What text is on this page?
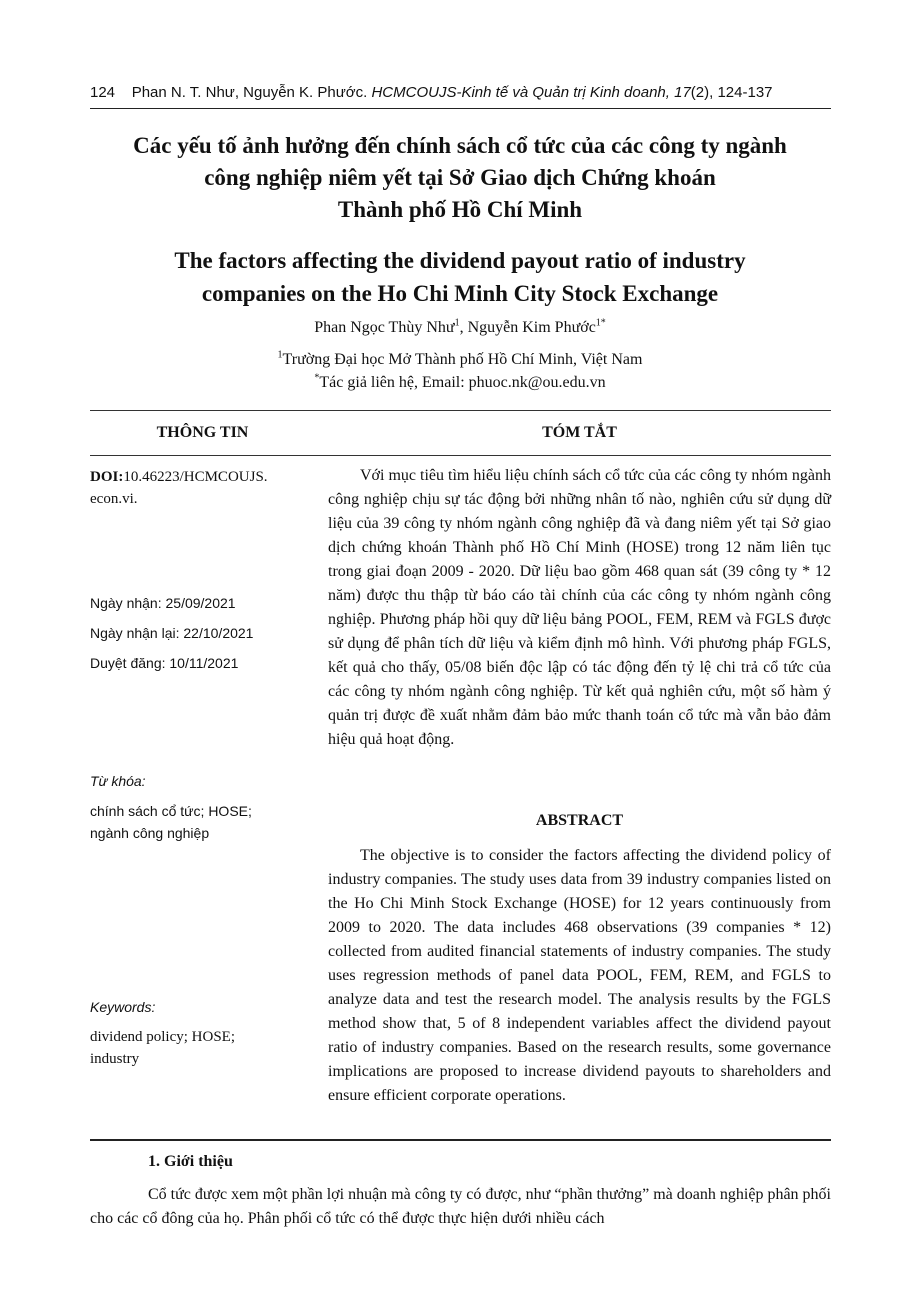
124 Phan N. T. Như, Nguyễn K. Phước. HCMCOUJS-Kinh tế và Quản trị Kinh doanh, 17(2), 124-137
Các yếu tố ảnh hưởng đến chính sách cổ tức của các công ty ngành
công nghiệp niêm yết tại Sở Giao dịch Chứng khoán
Thành phố Hồ Chí Minh
The factors affecting the dividend payout ratio of industry
companies on the Ho Chi Minh City Stock Exchange
Phan Ngọc Thùy Như$^1$, Nguyễn Kim Phước$^{1*}$
$^1$Trường Đại học Mở Thành phố Hồ Chí Minh, Việt Nam
*Tác giả liên hệ, Email: phuoc.nk@ou.edu.vn
THÔNG TIN	TÓM TẮT
DOI:10.46223/HCMCOUJS.
econ.vi.
Ngày nhận: 25/09/2021
Ngày nhận lại: 22/10/2021
Duyệt đăng: 10/11/2021
Từ khóa:
chính sách cổ tức; HOSE;
ngành công nghiệp
Keywords:
dividend policy; HOSE;
industry

Với mục tiêu tìm hiểu liệu chính sách cổ tức của các công ty nhóm ngành công nghiệp chịu sự tác động bởi những nhân tố nào, nghiên cứu sử dụng dữ liệu của 39 công ty nhóm ngành công nghiệp đã và đang niêm yết tại Sở giao dịch chứng khoán Thành phố Hồ Chí Minh (HOSE) trong 12 năm liên tục trong giai đoạn 2009 - 2020. Dữ liệu bao gồm 468 quan sát (39 công ty * 12 năm) được thu thập từ báo cáo tài chính của các công ty nhóm ngành công nghiệp. Phương pháp hồi quy dữ liệu bảng POOL, FEM, REM và FGLS được sử dụng để phân tích dữ liệu và kiểm định mô hình. Với phương pháp FGLS, kết quả cho thấy, 05/08 biến độc lập có tác động đến tỷ lệ chi trả cổ tức của các công ty nhóm ngành công nghiệp. Từ kết quả nghiên cứu, một số hàm ý quản trị được đề xuất nhằm đảm bảo mức thanh toán cổ tức mà vẫn bảo đảm hiệu quả hoạt động.

ABSTRACT

The objective is to consider the factors affecting the dividend policy of industry companies. The study uses data from 39 industry companies listed on the Ho Chi Minh Stock Exchange (HOSE) for 12 years continuously from 2009 to 2020. The data includes 468 observations (39 companies * 12) collected from audited financial statements of industry companies. The study uses regression methods of panel data POOL, FEM, REM, and FGLS to analyze data and test the research model. The analysis results by the FGLS method show that, 5 of 8 independent variables affect the dividend payout ratio of industry companies. Based on the research results, some governance implications are proposed to increase dividend payouts to shareholders and ensure efficient corporate operations.

1. Giới thiệu

Cổ tức được xem một phần lợi nhuận mà công ty có được, như “phần thưởng” mà doanh nghiệp phân phối cho các cổ đông của họ. Phân phối cổ tức có thể được thực hiện dưới nhiều cách
